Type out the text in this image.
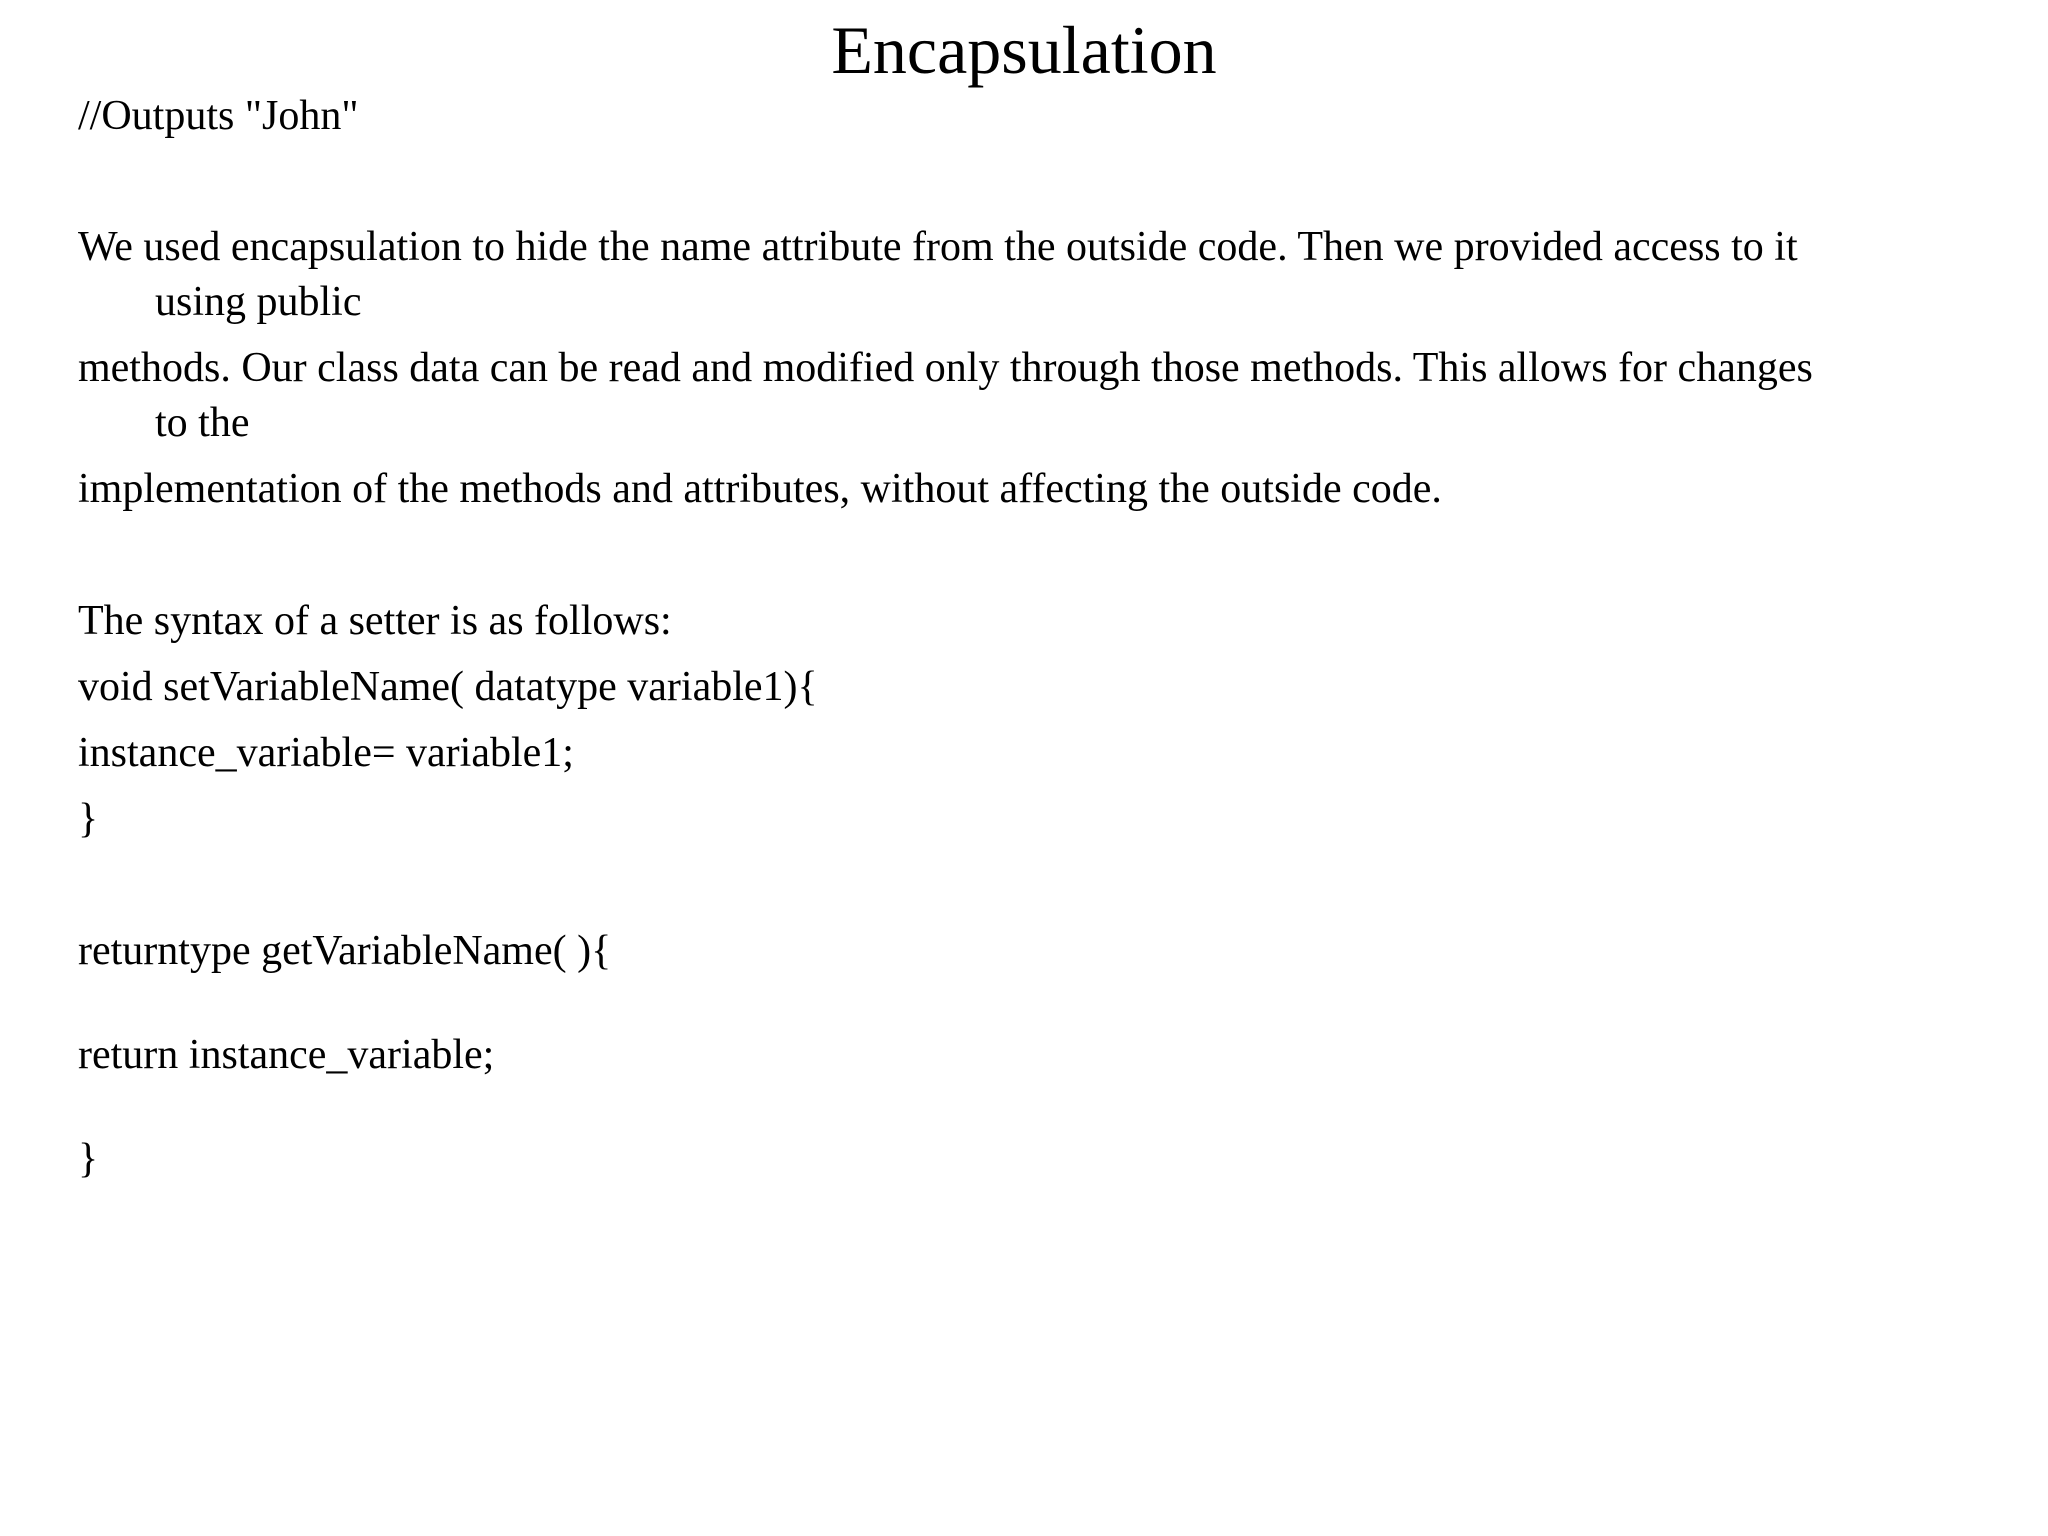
Encapsulation
//Outputs "John"
We used encapsulation to hide the name attribute from the outside code. Then we provided access to it
using public
methods. Our class data can be read and modified only through those methods. This allows for changes
to the
implementation of the methods and attributes, without affecting the outside code.
The syntax of a setter is as follows:
void setVariableName( datatype variable1){
instance_variable= variable1;
}
returntype getVariableName( ){
return instance_variable;
}
